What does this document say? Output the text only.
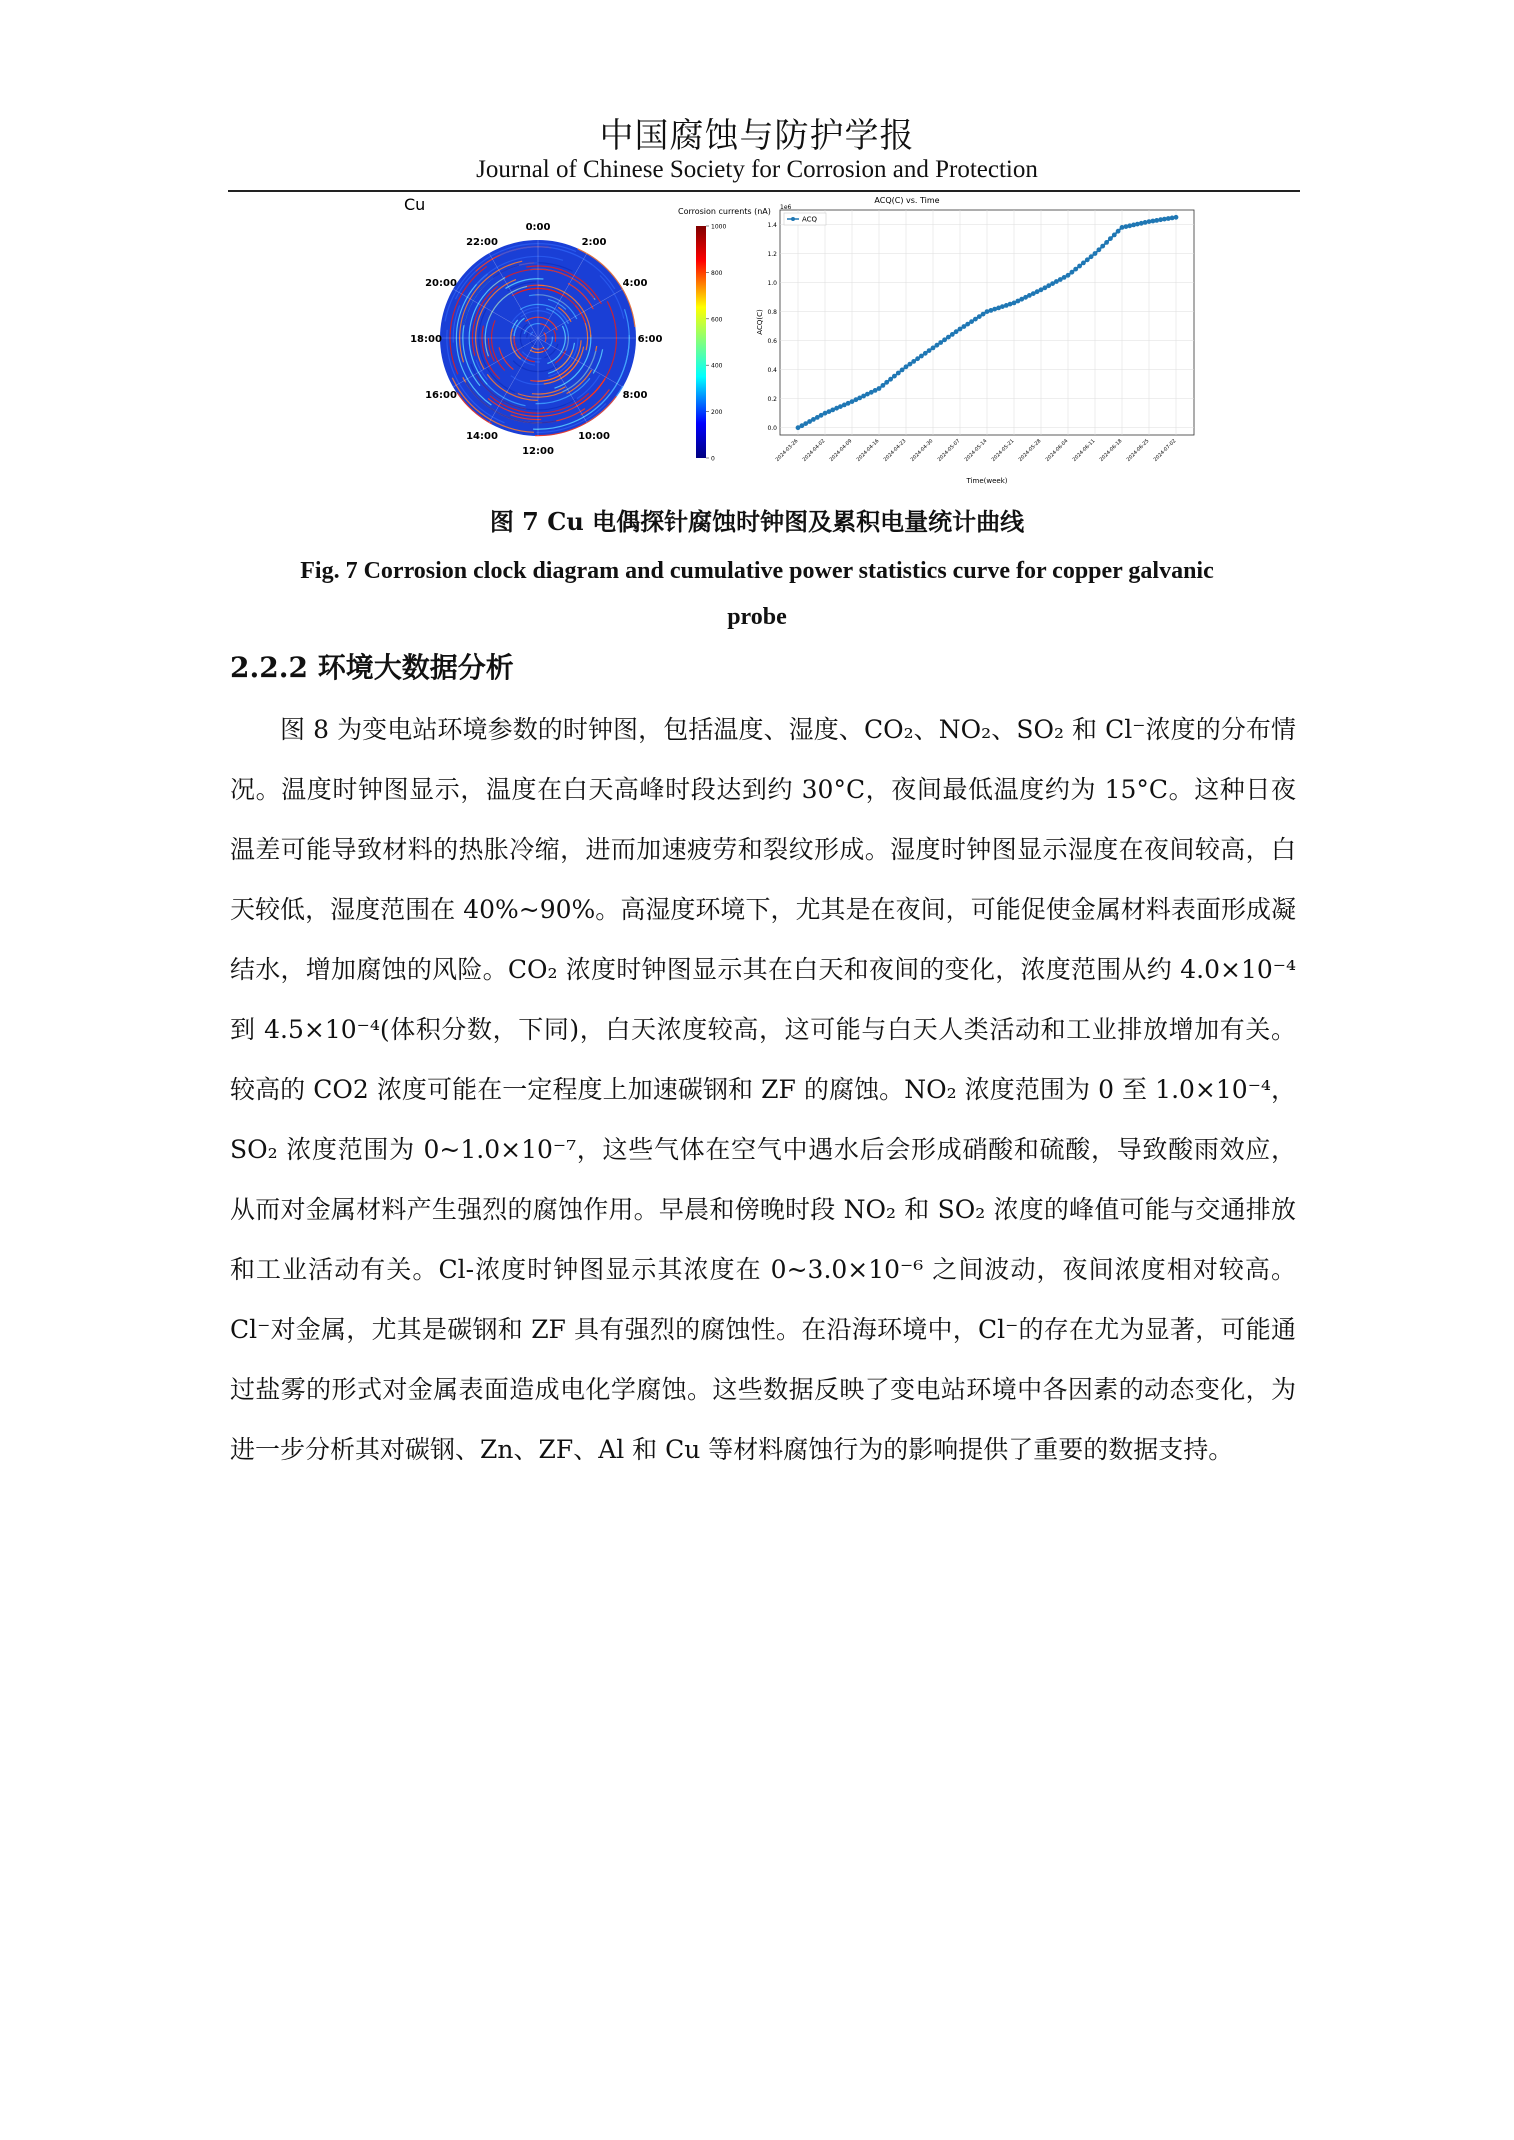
中国腐蚀与防护学报
Journal of Chinese Society for Corrosion and Protection
Cu
0:00
2:00
4:00
6:00
8:00
10:00
12:00
14:00
16:00
18:00
20:00
22:00
Corrosion currents (nA)
0
200
400
600
800
1000
ACQ(C) vs. Time
1e6
0.0
0.2
0.4
0.6
0.8
1.0
1.2
1.4
2024-03-26 2024-04-02 2024-04-09 2024-04-16 2024-04-23 2024-04-30 2024-05-07 2024-05-14 2024-05-21 2024-05-28 2024-06-04 2024-06-11 2024-06-18 2024-06-25 2024-07-02
ACQ(C)
Time(week)
ACQ
图 7 Cu 电偶探针腐蚀时钟图及累积电量统计曲线
Fig. 7 Corrosion clock diagram and cumulative power statistics curve for copper galvanic probe
2.2.2 环境大数据分析

图 8 为变电站环境参数的时钟图，包括温度、湿度、CO₂、NO₂、SO₂ 和 Cl⁻浓度的分布情况。温度时钟图显示，温度在白天高峰时段达到约 30°C，夜间最低温度约为 15°C。这种日夜温差可能导致材料的热胀冷缩，进而加速疲劳和裂纹形成。湿度时钟图显示湿度在夜间较高，白天较低，湿度范围在 40%~90%。高湿度环境下，尤其是在夜间，可能促使金属材料表面形成凝结水，增加腐蚀的风险。CO₂ 浓度时钟图显示其在白天和夜间的变化，浓度范围从约 4.0×10⁻⁴ 到 4.5×10⁻⁴(体积分数，下同)，白天浓度较高，这可能与白天人类活动和工业排放增加有关。较高的 CO2 浓度可能在一定程度上加速碳钢和 ZF 的腐蚀。NO₂ 浓度范围为 0 至 1.0×10⁻⁴，SO₂ 浓度范围为 0~1.0×10⁻⁷，这些气体在空气中遇水后会形成硝酸和硫酸，导致酸雨效应，从而对金属材料产生强烈的腐蚀作用。早晨和傍晚时段 NO₂ 和 SO₂ 浓度的峰值可能与交通排放和工业活动有关。Cl-浓度时钟图显示其浓度在 0~3.0×10⁻⁶ 之间波动，夜间浓度相对较高。Cl⁻对金属，尤其是碳钢和 ZF 具有强烈的腐蚀性。在沿海环境中，Cl⁻的存在尤为显著，可能通过盐雾的形式对金属表面造成电化学腐蚀。这些数据反映了变电站环境中各因素的动态变化，为进一步分析其对碳钢、Zn、ZF、Al 和 Cu 等材料腐蚀行为的影响提供了重要的数据支持。
